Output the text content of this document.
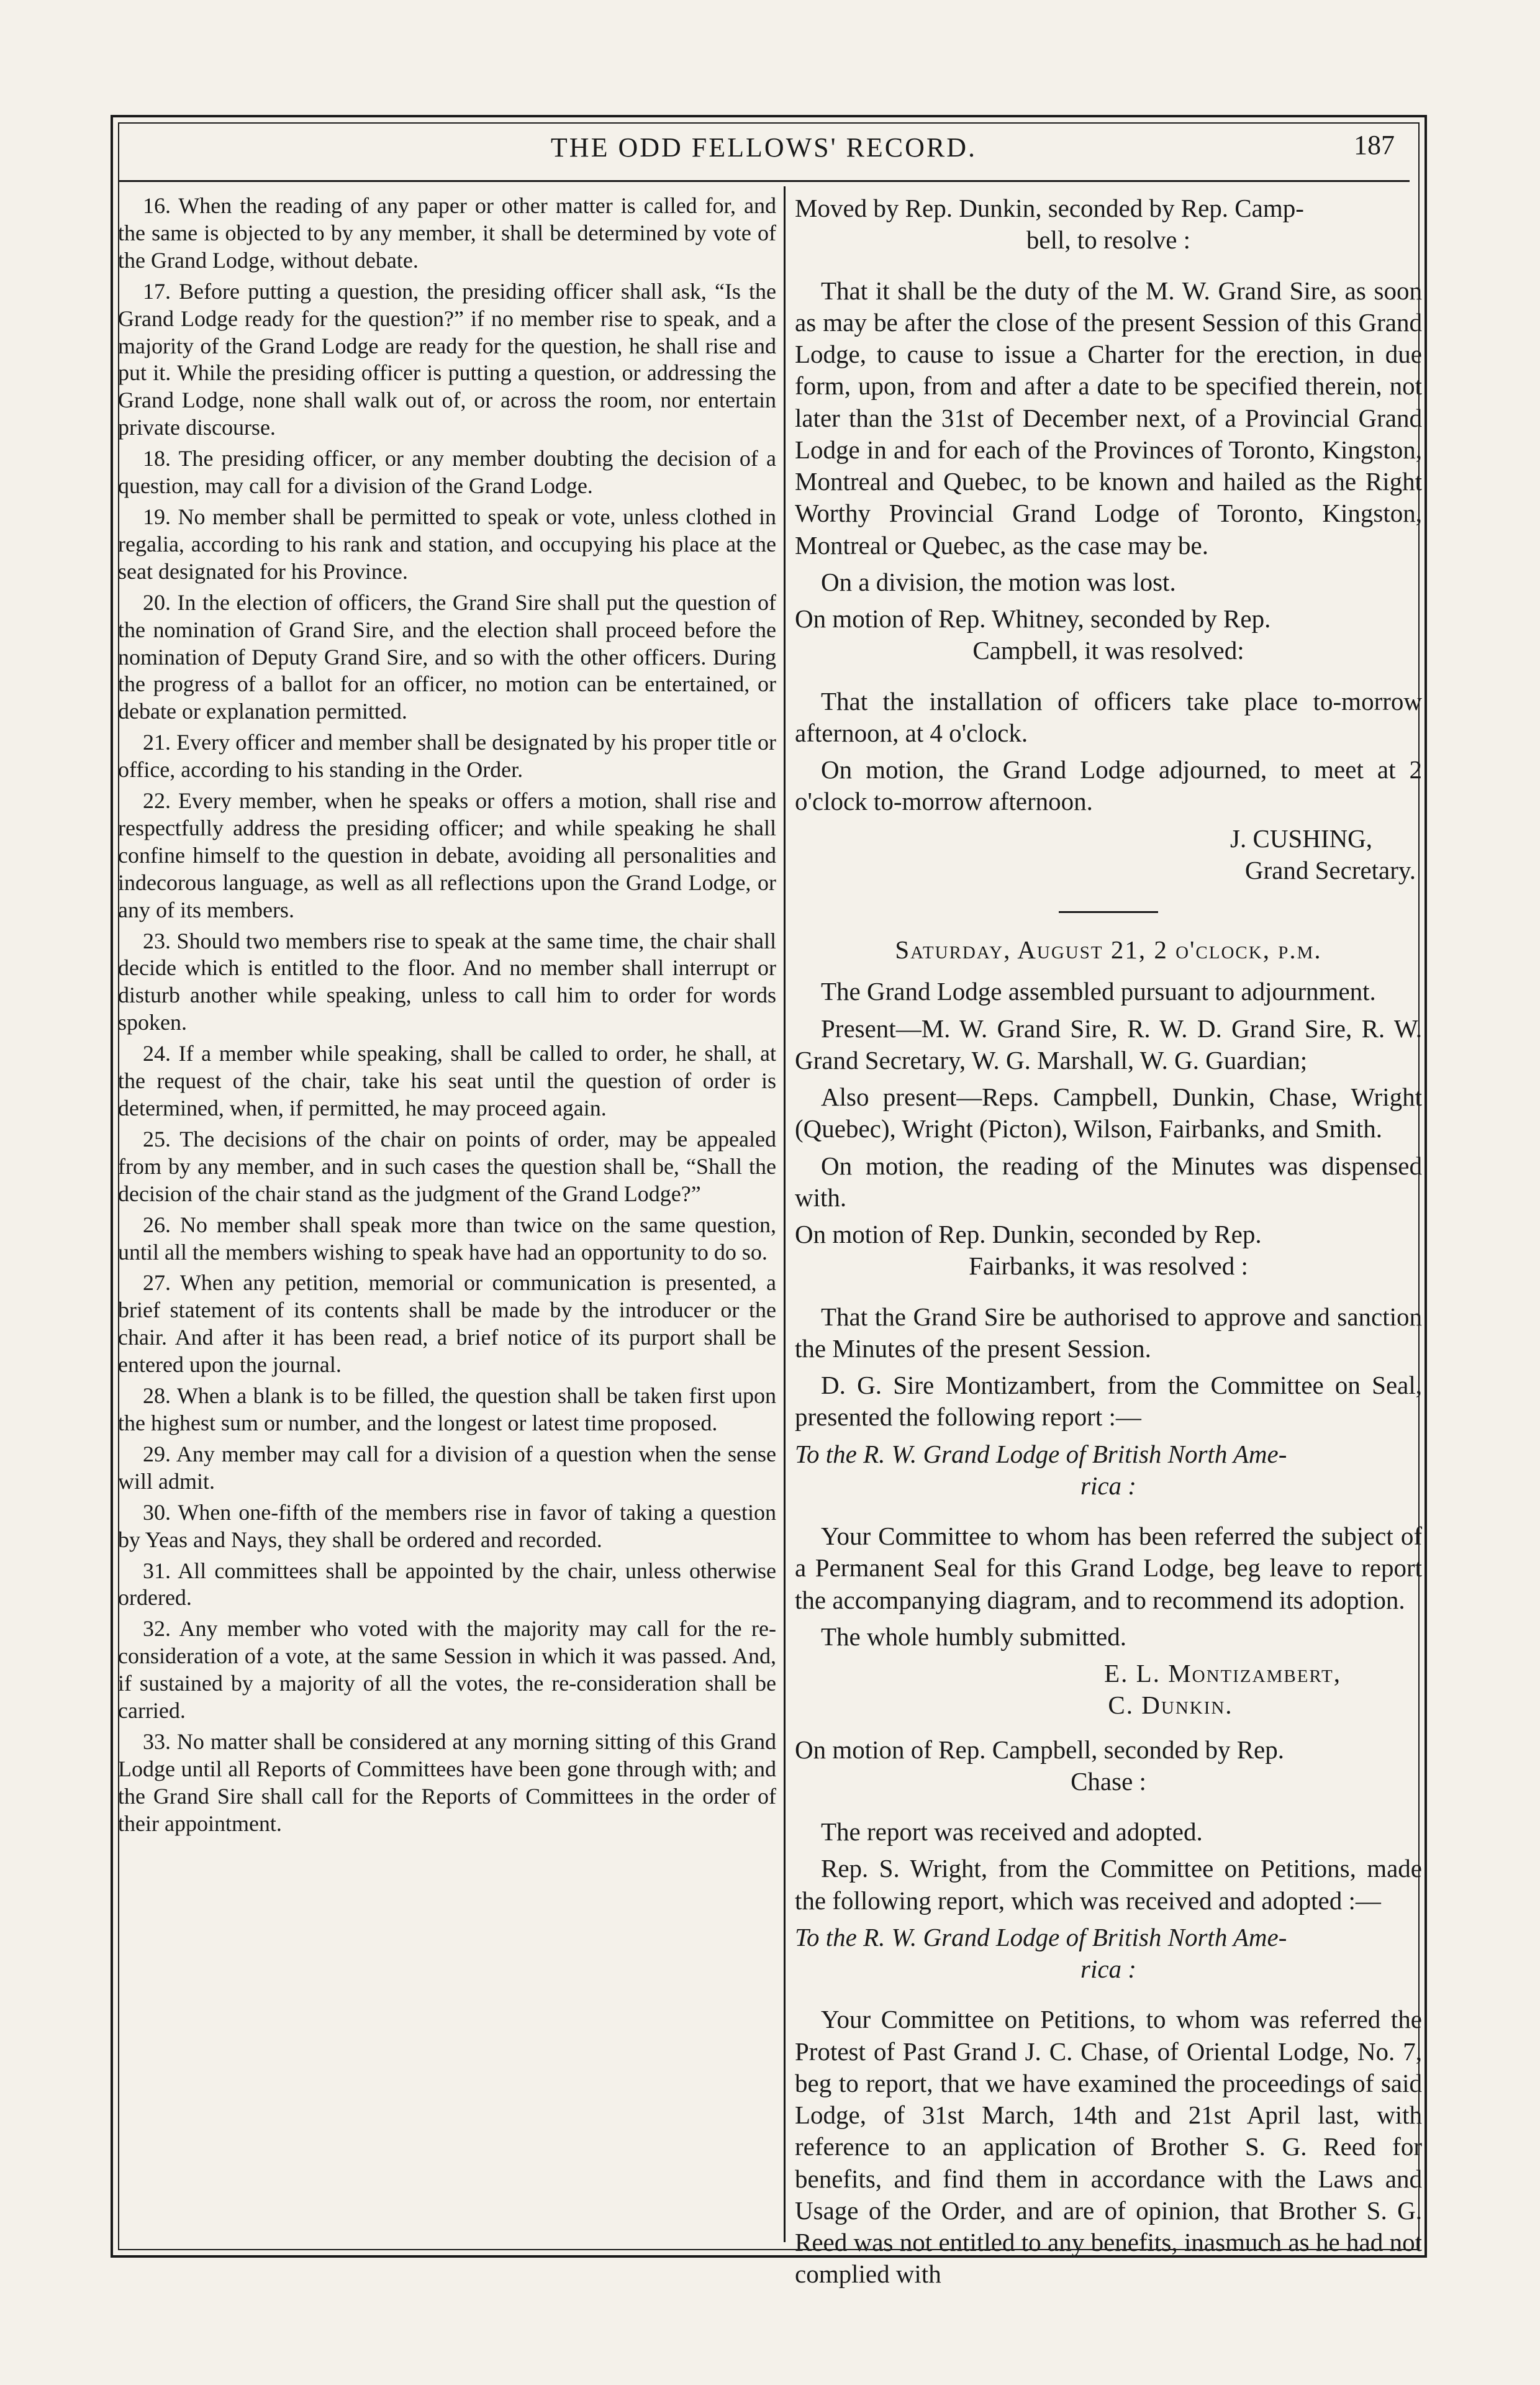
THE ODD FELLOWS' RECORD.	187

16. When the reading of any paper or other matter is called for, and the same is objected to by any member, it shall be determined by vote of the Grand Lodge, without debate.

17. Before putting a question, the presiding officer shall ask, “Is the Grand Lodge ready for the question?” if no member rise to speak, and a majority of the Grand Lodge are ready for the question, he shall rise and put it. While the presiding officer is putting a question, or addressing the Grand Lodge, none shall walk out of, or across the room, nor entertain private discourse.

18. The presiding officer, or any member doubting the decision of a question, may call for a division of the Grand Lodge.

19. No member shall be permitted to speak or vote, unless clothed in regalia, according to his rank and station, and occupying his place at the seat designated for his Province.

20. In the election of officers, the Grand Sire shall put the question of the nomination of Grand Sire, and the election shall proceed before the nomination of Deputy Grand Sire, and so with the other officers. During the progress of a ballot for an officer, no motion can be entertained, or debate or explanation permitted.

21. Every officer and member shall be designated by his proper title or office, according to his standing in the Order.

22. Every member, when he speaks or offers a motion, shall rise and respectfully address the presiding officer; and while speaking he shall confine himself to the question in debate, avoiding all personalities and indecorous language, as well as all reflections upon the Grand Lodge, or any of its members.

23. Should two members rise to speak at the same time, the chair shall decide which is entitled to the floor. And no member shall interrupt or disturb another while speaking, unless to call him to order for words spoken.

24. If a member while speaking, shall be called to order, he shall, at the request of the chair, take his seat until the question of order is determined, when, if permitted, he may proceed again.

25. The decisions of the chair on points of order, may be appealed from by any member, and in such cases the question shall be, “Shall the decision of the chair stand as the judgment of the Grand Lodge?”

26. No member shall speak more than twice on the same question, until all the members wishing to speak have had an opportunity to do so.

27. When any petition, memorial or communication is presented, a brief statement of its contents shall be made by the introducer or the chair. And after it has been read, a brief notice of its purport shall be entered upon the journal.

28. When a blank is to be filled, the question shall be taken first upon the highest sum or number, and the longest or latest time proposed.

29. Any member may call for a division of a question when the sense will admit.

30. When one-fifth of the members rise in favor of taking a question by Yeas and Nays, they shall be ordered and recorded.

31. All committees shall be appointed by the chair, unless otherwise ordered.

32. Any member who voted with the majority may call for the re-consideration of a vote, at the same Session in which it was passed. And, if sustained by a majority of all the votes, the re-consideration shall be carried.

33. No matter shall be considered at any morning sitting of this Grand Lodge until all Reports of Committees have been gone through with; and the Grand Sire shall call for the Reports of Committees in the order of their appointment.

Moved by Rep. Dunkin, seconded by Rep. Camp-

bell, to resolve :

That it shall be the duty of the M. W. Grand Sire, as soon as may be after the close of the present Session of this Grand Lodge, to cause to issue a Charter for the erection, in due form, upon, from and after a date to be specified therein, not later than the 31st of December next, of a Provincial Grand Lodge in and for each of the Provinces of Toronto, Kingston, Montreal and Quebec, to be known and hailed as the Right Worthy Provincial Grand Lodge of Toronto, Kingston, Montreal or Quebec, as the case may be.

On a division, the motion was lost.

On motion of Rep. Whitney, seconded by Rep.

Campbell, it was resolved:

That the installation of officers take place to-morrow afternoon, at 4 o'clock.

On motion, the Grand Lodge adjourned, to meet at 2 o'clock to-morrow afternoon.

J. CUSHING,

Grand Secretary.

Saturday, August 21, 2 o'clock, p.m.

The Grand Lodge assembled pursuant to adjournment.

Present—M. W. Grand Sire, R. W. D. Grand Sire, R. W. Grand Secretary, W. G. Marshall, W. G. Guardian;

Also present—Reps. Campbell, Dunkin, Chase, Wright (Quebec), Wright (Picton), Wilson, Fairbanks, and Smith.

On motion, the reading of the Minutes was dispensed with.

On motion of Rep. Dunkin, seconded by Rep.

Fairbanks, it was resolved :

That the Grand Sire be authorised to approve and sanction the Minutes of the present Session.

D. G. Sire Montizambert, from the Committee on Seal, presented the following report :—

To the R. W. Grand Lodge of British North Ame-

rica :

Your Committee to whom has been referred the subject of a Permanent Seal for this Grand Lodge, beg leave to report the accompanying diagram, and to recommend its adoption.

The whole humbly submitted.

E. L. Montizambert,

C. Dunkin.

On motion of Rep. Campbell, seconded by Rep.

Chase :

The report was received and adopted.

Rep. S. Wright, from the Committee on Petitions, made the following report, which was received and adopted :—

To the R. W. Grand Lodge of British North Ame-

rica :

Your Committee on Petitions, to whom was referred the Protest of Past Grand J. C. Chase, of Oriental Lodge, No. 7, beg to report, that we have examined the proceedings of said Lodge, of 31st March, 14th and 21st April last, with reference to an application of Brother S. G. Reed for benefits, and find them in accordance with the Laws and Usage of the Order, and are of opinion, that Brother S. G. Reed was not entitled to any benefits, inasmuch as he had not complied with
